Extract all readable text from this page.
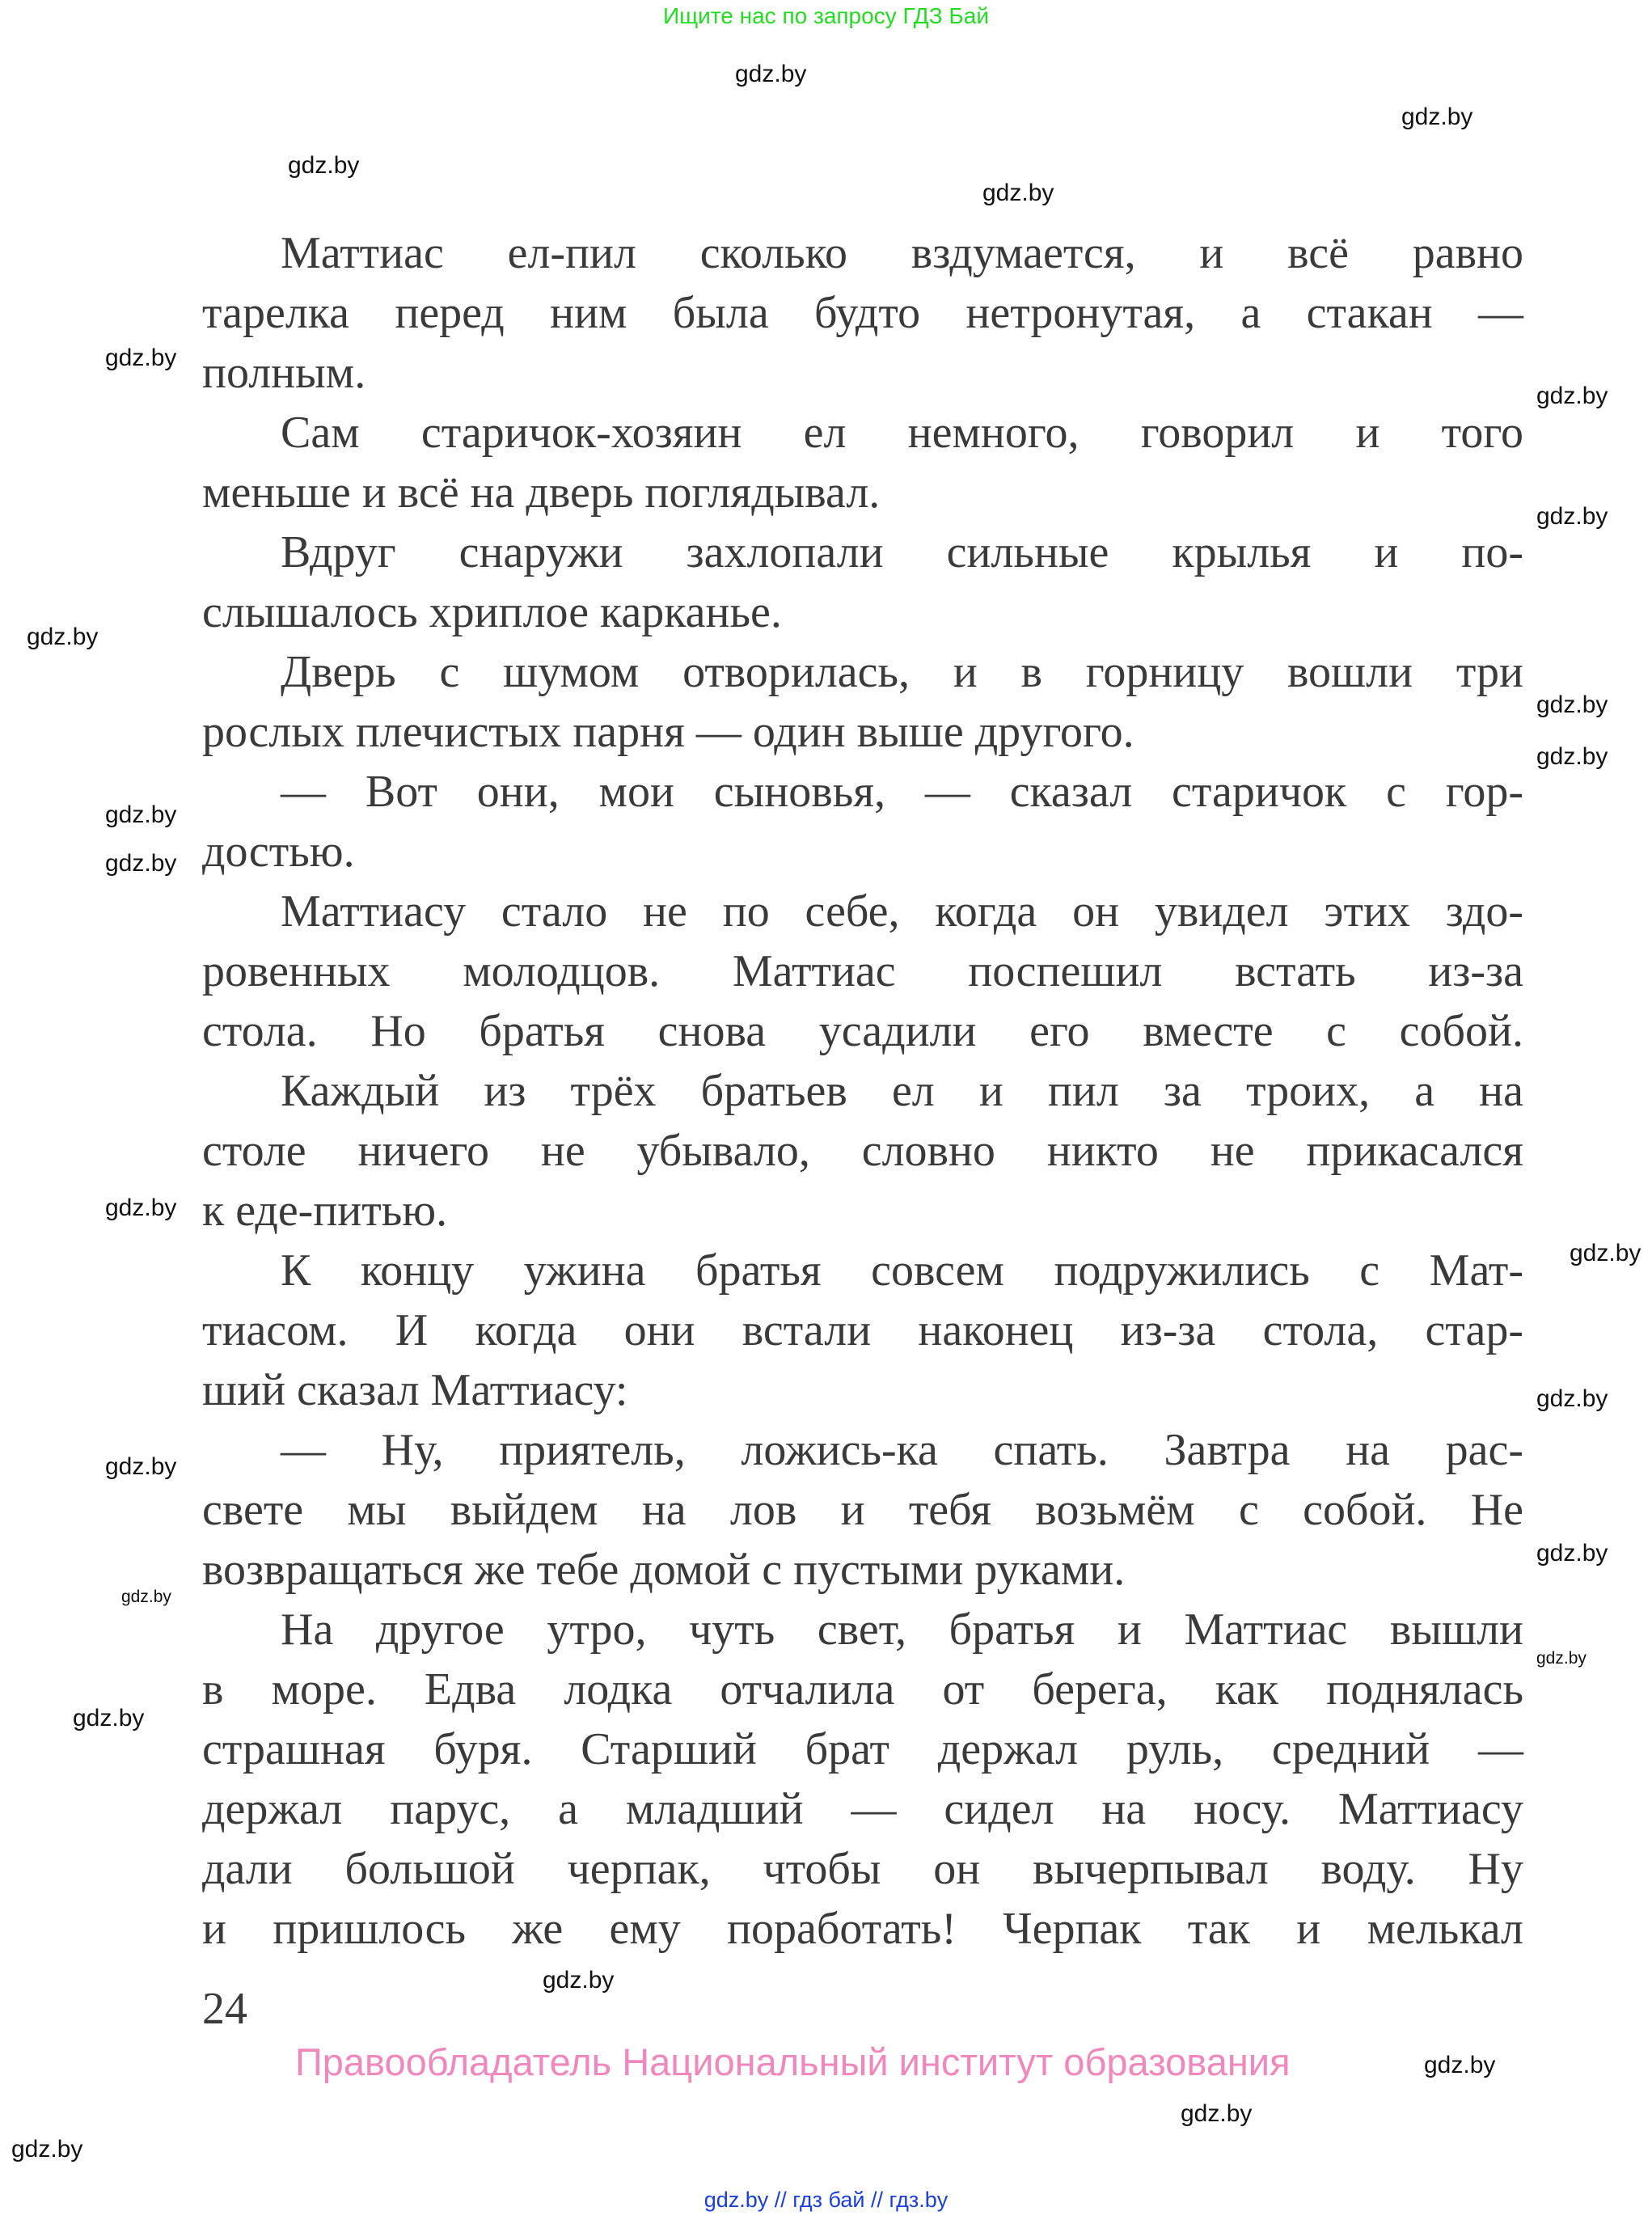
Ищите нас по запросу ГДЗ Бай
Маттиас ел-пил сколько вздумается, и всё равно
тарелка перед ним была будто нетронутая, а стакан —
полным.
Сам старичок-хозяин ел немного, говорил и того
меньше и всё на дверь поглядывал.
Вдруг снаружи захлопали сильные крылья и по-
слышалось хриплое карканье.
Дверь с шумом отворилась, и в горницу вошли три
рослых плечистых парня — один выше другого.
— Вот они, мои сыновья, — сказал старичок с гор-
достью.
Маттиасу стало не по себе, когда он увидел этих здо-
ровенных молодцов. Маттиас поспешил встать из-за
стола. Но братья снова усадили его вместе с собой.
Каждый из трёх братьев ел и пил за троих, а на
столе ничего не убывало, словно никто не прикасался
к еде-питью.
К концу ужина братья совсем подружились с Мат-
тиасом. И когда они встали наконец из-за стола, стар-
ший сказал Маттиасу:
— Ну, приятель, ложись-ка спать. Завтра на рас-
свете мы выйдем на лов и тебя возьмём с собой. Не
возвращаться же тебе домой с пустыми руками.
На другое утро, чуть свет, братья и Маттиас вышли
в море. Едва лодка отчалила от берега, как поднялась
страшная буря. Старший брат держал руль, средний —
держал парус, а младший — сидел на носу. Маттиасу
дали большой черпак, чтобы он вычерпывал воду. Ну
и пришлось же ему поработать! Черпак так и мелькал
24
Правообладатель Национальный институт образования
gdz.by // гдз бай // гдз.by
gdz.by
gdz.by
gdz.by
gdz.by
gdz.by
gdz.by
gdz.by
gdz.by
gdz.by
gdz.by
gdz.by
gdz.by
gdz.by
gdz.by
gdz.by
gdz.by
gdz.by
gdz.by
gdz.by
gdz.by
gdz.by
gdz.by
gdz.by
gdz.by
